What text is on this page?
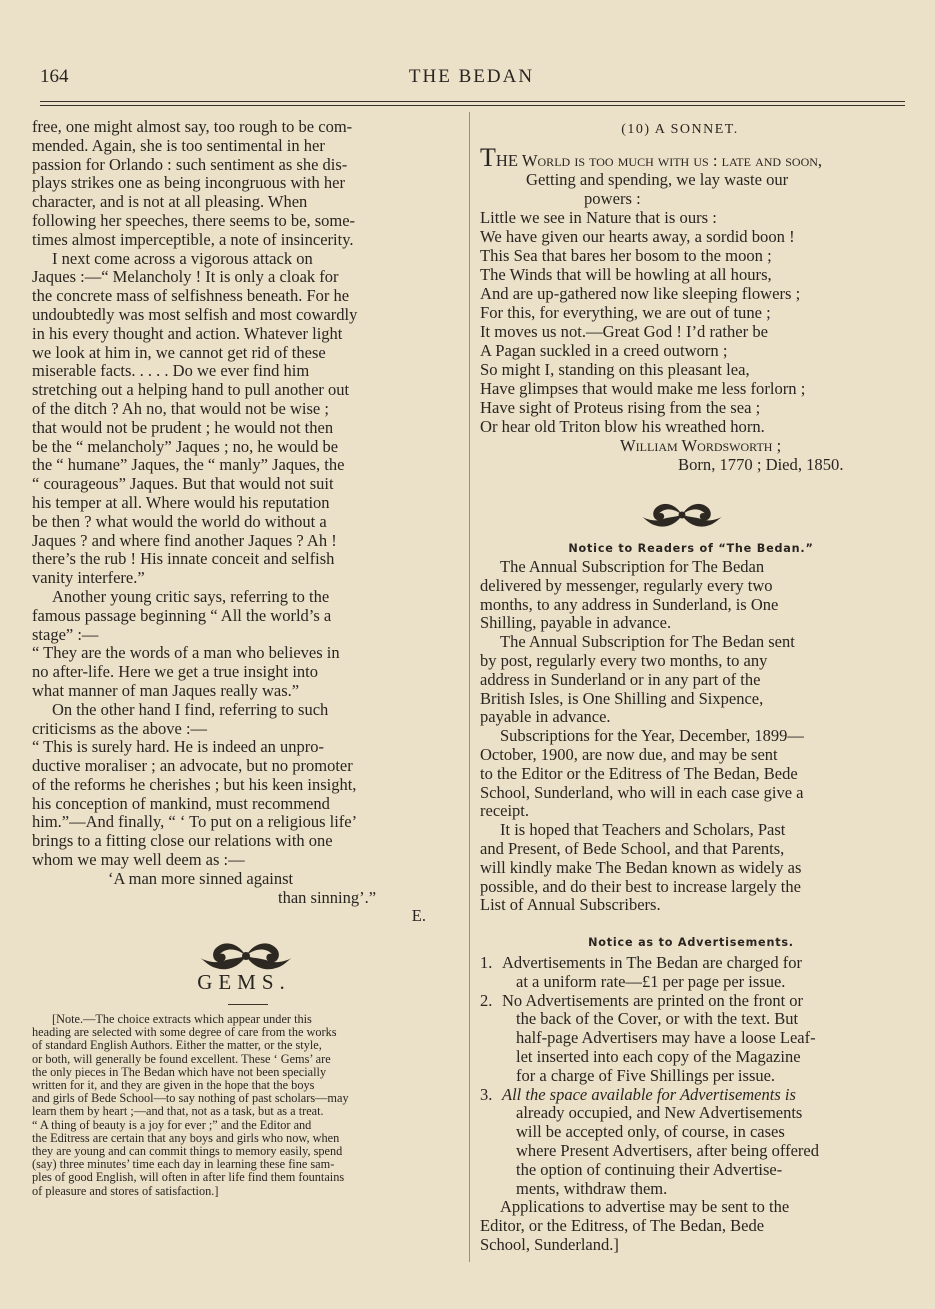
164	THE BEDAN

free, one might almost say, too rough to be com-

mended. Again, she is too sentimental in her

passion for Orlando : such sentiment as she dis-

plays strikes one as being incongruous with her

character, and is not at all pleasing. When

following her speeches, there seems to be, some-

times almost imperceptible, a note of insincerity.

I next come across a vigorous attack on

Jaques :—“ Melancholy ! It is only a cloak for

the concrete mass of selfishness beneath. For he

undoubtedly was most selfish and most cowardly

in his every thought and action. Whatever light

we look at him in, we cannot get rid of these

miserable facts. . . . . Do we ever find him

stretching out a helping hand to pull another out

of the ditch ? Ah no, that would not be wise ;

that would not be prudent ; he would not then

be the “ melancholy” Jaques ; no, he would be

the “ humane” Jaques, the “ manly” Jaques, the

“ courageous” Jaques. But that would not suit

his temper at all. Where would his reputation

be then ? what would the world do without a

Jaques ? and where find another Jaques ? Ah !

there’s the rub ! His innate conceit and selfish

vanity interfere.”

Another young critic says, referring to the

famous passage beginning “ All the world’s a

stage” :—

“ They are the words of a man who believes in

no after-life. Here we get a true insight into

what manner of man Jaques really was.”

On the other hand I find, referring to such

criticisms as the above :—

“ This is surely hard. He is indeed an unpro-

ductive moraliser ; an advocate, but no promoter

of the reforms he cherishes ; but his keen insight,

his conception of mankind, must recommend

him.”—And finally, “ ‘ To put on a religious life’

brings to a fitting close our relations with one

whom we may well deem as :—

‘A man more sinned against

than sinning’.”

E.

GEMS.

[Note.—The choice extracts which appear under this

heading are selected with some degree of care from the works

of standard English Authors. Either the matter, or the style,

or both, will generally be found excellent. These ‘ Gems’ are

the only pieces in The Bedan which have not been specially

written for it, and they are given in the hope that the boys

and girls of Bede School—to say nothing of past scholars—may

learn them by heart ;—and that, not as a task, but as a treat.

“ A thing of beauty is a joy for ever ;” and the Editor and

the Editress are certain that any boys and girls who now, when

they are young and can commit things to memory easily, spend

(say) three minutes’ time each day in learning these fine sam-

ples of good English, will often in after life find them fountains

of pleasure and stores of satisfaction.]

(10) A SONNET.

THE World is too much with us : late and soon,

Getting and spending, we lay waste our

powers :

Little we see in Nature that is ours :

We have given our hearts away, a sordid boon !

This Sea that bares her bosom to the moon ;

The Winds that will be howling at all hours,

And are up-gathered now like sleeping flowers ;

For this, for everything, we are out of tune ;

It moves us not.—Great God ! I’d rather be

A Pagan suckled in a creed outworn ;

So might I, standing on this pleasant lea,

Have glimpses that would make me less forlorn ;

Have sight of Proteus rising from the sea ;

Or hear old Triton blow his wreathed horn.

William Wordsworth ;

Born, 1770 ; Died, 1850.

Notice to Readers of “The Bedan.”

The Annual Subscription for The Bedan

delivered by messenger, regularly every two

months, to any address in Sunderland, is One

Shilling, payable in advance.

The Annual Subscription for The Bedan sent

by post, regularly every two months, to any

address in Sunderland or in any part of the

British Isles, is One Shilling and Sixpence,

payable in advance.

Subscriptions for the Year, December, 1899—

October, 1900, are now due, and may be sent

to the Editor or the Editress of The Bedan, Bede

School, Sunderland, who will in each case give a

receipt.

It is hoped that Teachers and Scholars, Past

and Present, of Bede School, and that Parents,

will kindly make The Bedan known as widely as

possible, and do their best to increase largely the

List of Annual Subscribers.

Notice as to Advertisements.

1. Advertisements in The Bedan are charged for

at a uniform rate—£1 per page per issue.

2. No Advertisements are printed on the front or

the back of the Cover, or with the text. But

half-page Advertisers may have a loose Leaf-

let inserted into each copy of the Magazine

for a charge of Five Shillings per issue.

3. All the space available for Advertisements is

already occupied, and New Advertisements

will be accepted only, of course, in cases

where Present Advertisers, after being offered

the option of continuing their Advertise-

ments, withdraw them.

Applications to advertise may be sent to the

Editor, or the Editress, of The Bedan, Bede

School, Sunderland.]
